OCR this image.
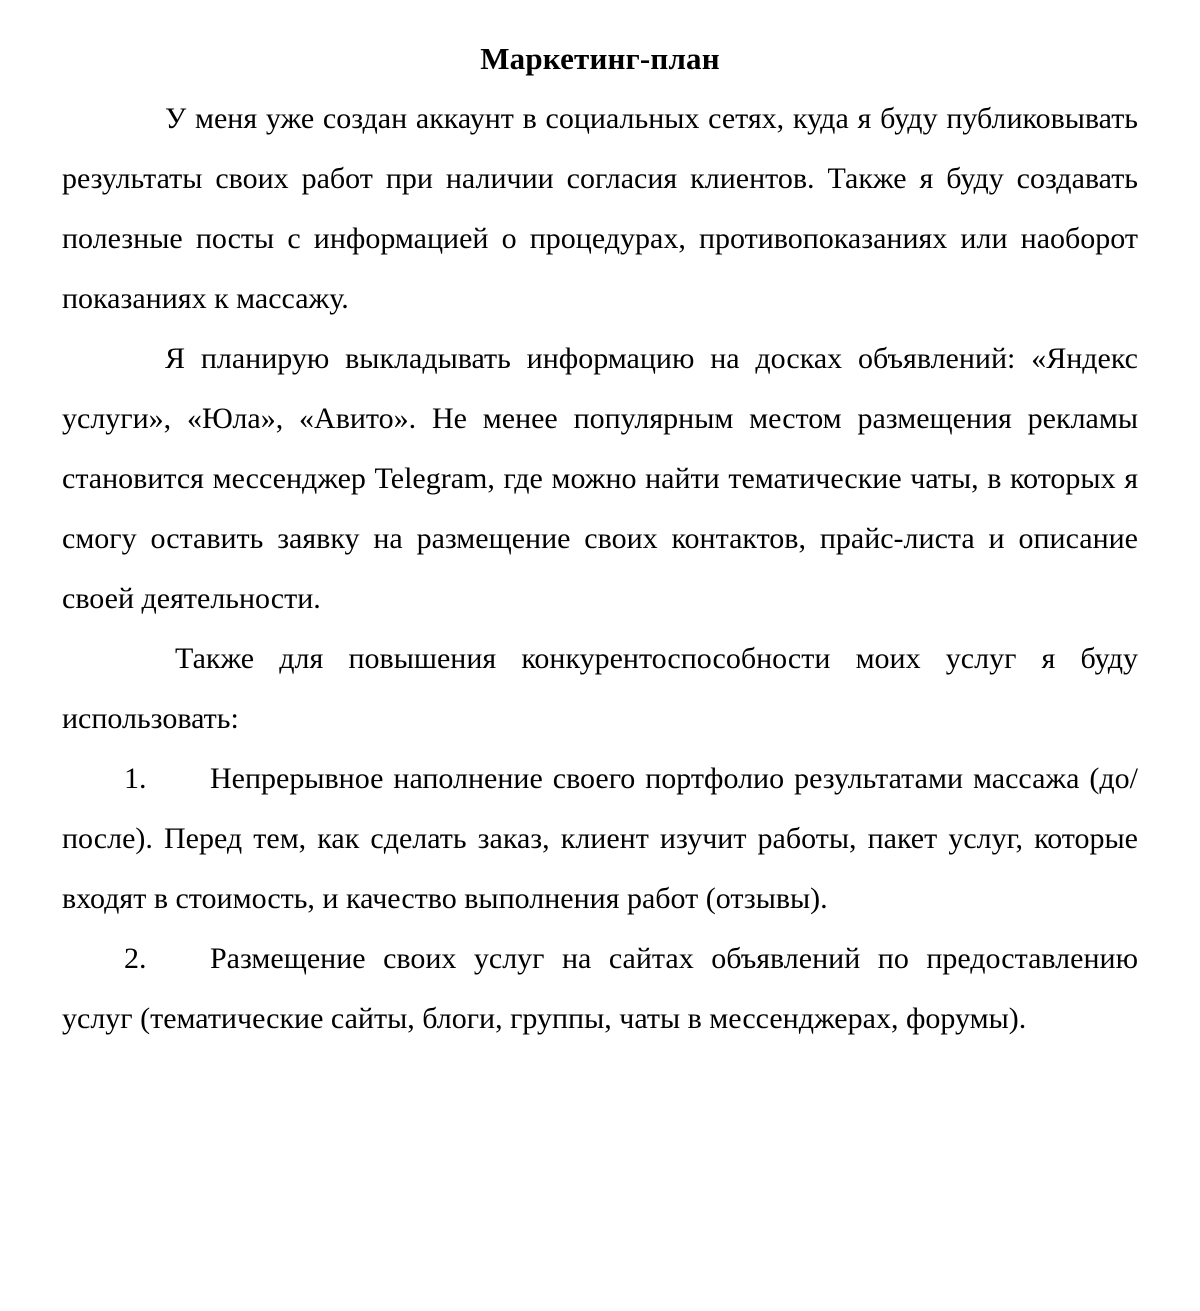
Маркетинг-план

У меня уже создан аккаунт в социальных сетях, куда я буду публиковывать результаты своих работ при наличии согласия клиентов. Также я буду создавать полезные посты с информацией о процедурах, противопоказаниях или наоборот показаниях к массажу.

Я планирую выкладывать информацию на досках объявлений: «Яндекс услуги», «Юла», «Авито». Не менее популярным местом размещения рекламы становится мессенджер Telegram, где можно найти тематические чаты, в которых я смогу оставить заявку на размещение своих контактов, прайс-листа и описание своей деятельности.

Также для повышения конкурентоспособности моих услуг я буду использовать:

1. Непрерывное наполнение своего портфолио результатами массажа (до/после). Перед тем, как сделать заказ, клиент изучит работы, пакет услуг, которые входят в стоимость, и качество выполнения работ (отзывы).

2. Размещение своих услуг на сайтах объявлений по предоставлению услуг (тематические сайты, блоги, группы, чаты в мессенджерах, форумы).
